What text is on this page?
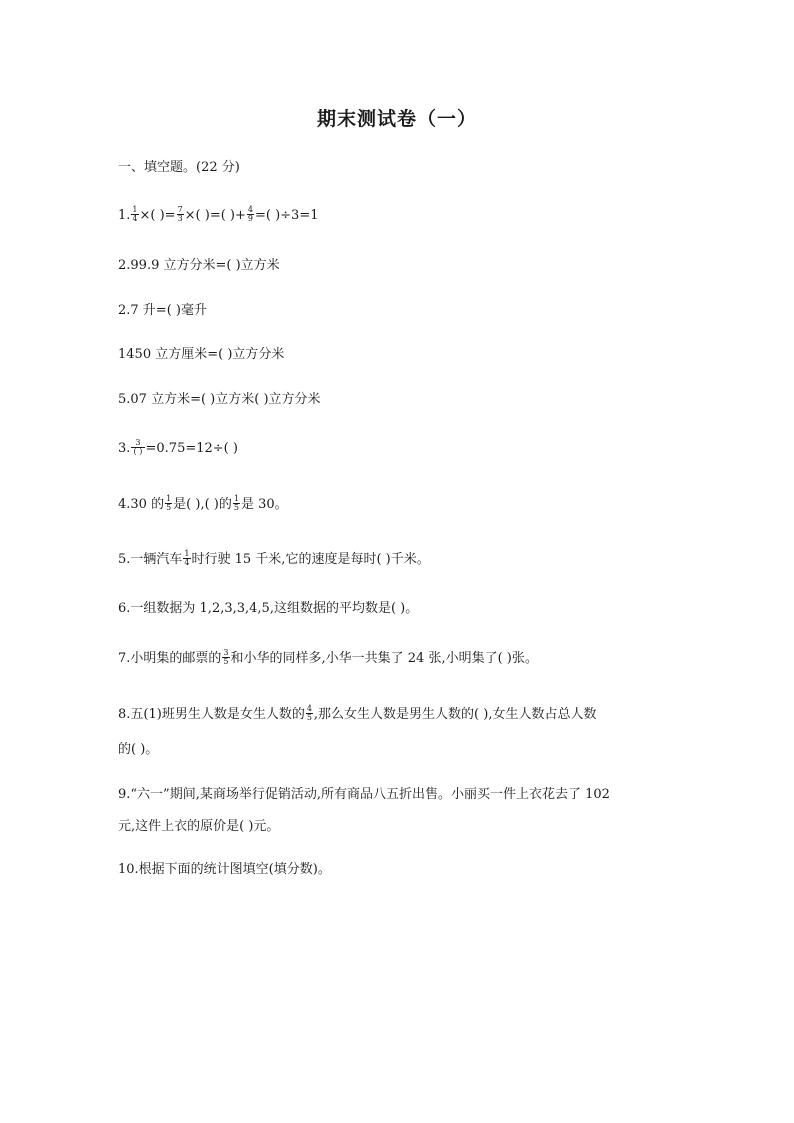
期末测试卷（一）
一、填空题。(22 分)
1. $\frac{1}{4}$ ×( )= $\frac{7}{3}$ ×( )=( )+ $\frac{4}{9}$ =( )÷3=1
2.99.9 立方分米=( )立方米
2.7 升=( )毫升
1450 立方厘米=( )立方分米
5.07 立方米=( )立方米( )立方分米
3. $\frac{3}{( )} =0.75=12\div$( )
4.30 的 $\frac{1}{5}$ 是( ),( )的 $\frac{1}{5}$ 是 30。
5.一辆汽车 $\frac{1}{4}$ 时行驶 15 千米,它的速度是每时( )千米。
6.一组数据为 1,2,3,3,4,5,这组数据的平均数是( )。
7.小明集的邮票的 $\frac{3}{5}$ 和小华的同样多,小华一共集了 24 张,小明集了( )张。
8.五(1)班男生人数是女生人数的 $\frac{4}{5}$ ,那么女生人数是男生人数的( ),女生人数占总人数
的( )。
9.“六一”期间,某商场举行促销活动,所有商品八五折出售。小丽买一件上衣花去了 102
元,这件上衣的原价是( )元。
10.根据下面的统计图填空(填分数)。
